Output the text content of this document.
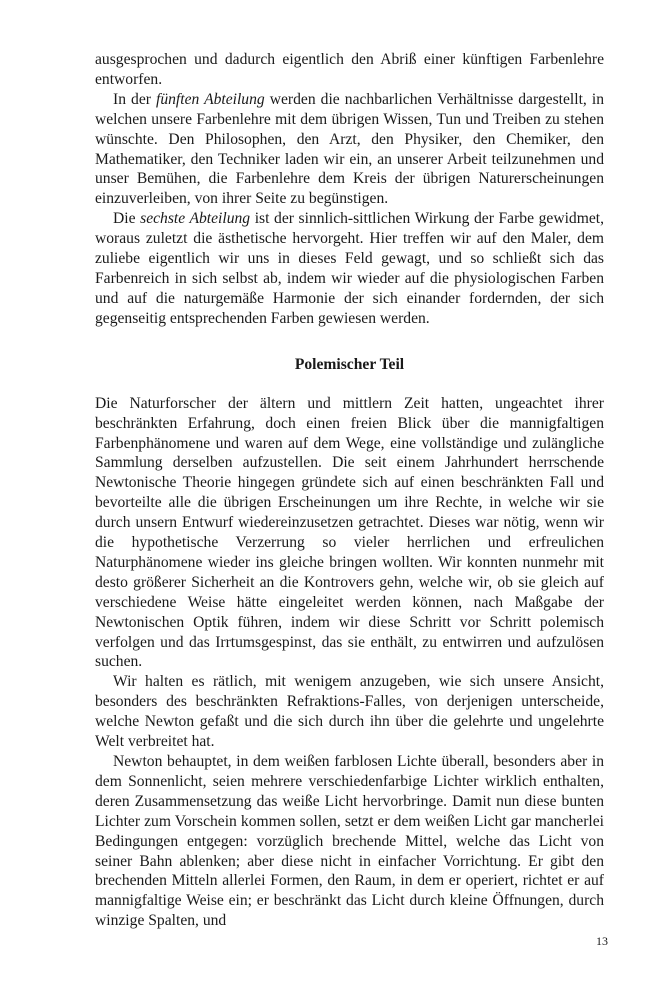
ausgesprochen und dadurch eigentlich den Abriß einer künftigen Farbenlehre entworfen.

In der fünften Abteilung werden die nachbarlichen Verhältnisse dargestellt, in welchen unsere Farbenlehre mit dem übrigen Wissen, Tun und Treiben zu stehen wünschte. Den Philosophen, den Arzt, den Physiker, den Chemiker, den Mathematiker, den Techniker laden wir ein, an unserer Arbeit teilzunehmen und unser Bemühen, die Farbenlehre dem Kreis der übrigen Naturerscheinungen einzuverleiben, von ihrer Seite zu begünstigen.

Die sechste Abteilung ist der sinnlich-sittlichen Wirkung der Farbe gewidmet, woraus zuletzt die ästhetische hervorgeht. Hier treffen wir auf den Maler, dem zuliebe eigentlich wir uns in dieses Feld gewagt, und so schließt sich das Farbenreich in sich selbst ab, indem wir wieder auf die physiologischen Farben und auf die naturgemäße Harmonie der sich einander fordernden, der sich gegenseitig entsprechenden Farben gewiesen werden.

Polemischer Teil

Die Naturforscher der ältern und mittlern Zeit hatten, ungeachtet ihrer beschränkten Erfahrung, doch einen freien Blick über die mannigfaltigen Farbenphänomene und waren auf dem Wege, eine vollständige und zulängliche Sammlung derselben aufzustellen. Die seit einem Jahrhundert herrschende Newtonische Theorie hingegen gründete sich auf einen beschränkten Fall und bevorteilte alle die übrigen Erscheinungen um ihre Rechte, in welche wir sie durch unsern Entwurf wiedereinzusetzen getrachtet. Dieses war nötig, wenn wir die hypothetische Verzerrung so vieler herrlichen und erfreulichen Naturphänomene wieder ins gleiche bringen wollten. Wir konnten nunmehr mit desto größerer Sicherheit an die Kontrovers gehn, welche wir, ob sie gleich auf verschiedene Weise hätte eingeleitet werden können, nach Maßgabe der Newtonischen Optik führen, indem wir diese Schritt vor Schritt polemisch verfolgen und das Irrtumsgespinst, das sie enthält, zu entwirren und aufzulösen suchen.

Wir halten es rätlich, mit wenigem anzugeben, wie sich unsere Ansicht, besonders des beschränkten Refraktions-Falles, von derjenigen unterscheide, welche Newton gefaßt und die sich durch ihn über die gelehrte und ungelehrte Welt verbreitet hat.

Newton behauptet, in dem weißen farblosen Lichte überall, besonders aber in dem Sonnenlicht, seien mehrere verschiedenfarbige Lichter wirklich enthalten, deren Zusammensetzung das weiße Licht hervorbringe. Damit nun diese bunten Lichter zum Vorschein kommen sollen, setzt er dem weißen Licht gar mancherlei Bedingungen entgegen: vorzüglich brechende Mittel, welche das Licht von seiner Bahn ablenken; aber diese nicht in einfacher Vorrichtung. Er gibt den brechenden Mitteln allerlei Formen, den Raum, in dem er operiert, richtet er auf mannigfaltige Weise ein; er beschränkt das Licht durch kleine Öffnungen, durch winzige Spalten, und

13
